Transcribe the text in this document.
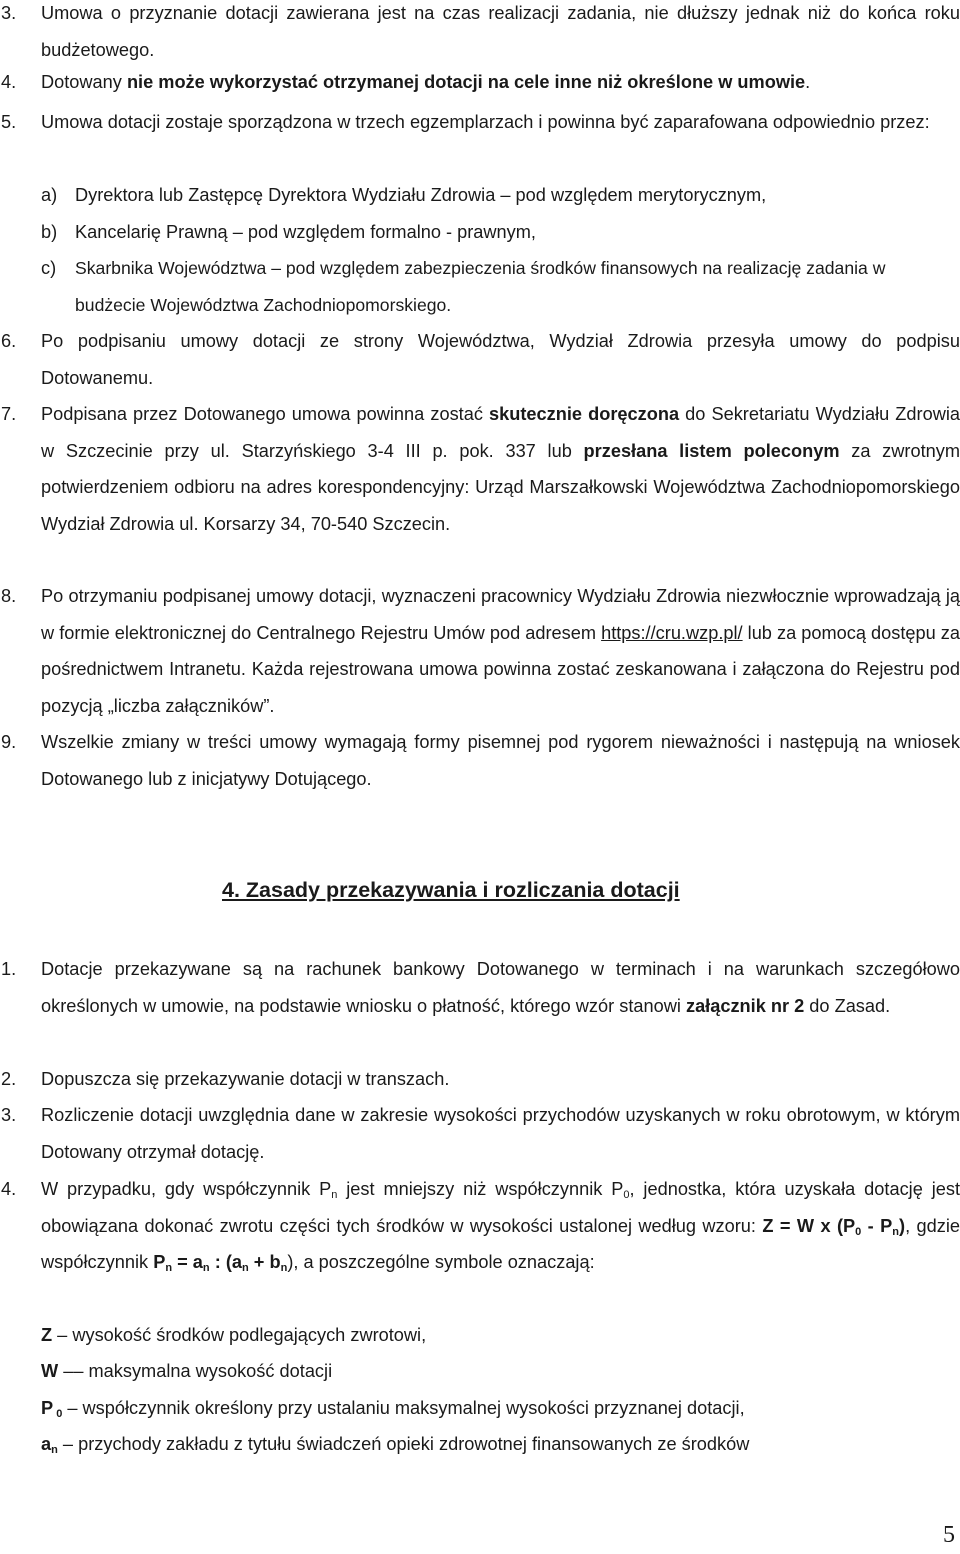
3. Umowa o przyznanie dotacji zawierana jest na czas realizacji zadania, nie dłuższy jednak niż do końca roku budżetowego.
4. Dotowany nie może wykorzystać otrzymanej dotacji na cele inne niż określone w umowie.
5. Umowa dotacji zostaje sporządzona w trzech egzemplarzach i powinna być zaparafowana odpowiednio przez:
a) Dyrektora lub Zastępcę Dyrektora Wydziału Zdrowia – pod względem merytorycznym,
b) Kancelarię Prawną – pod względem formalno - prawnym,
c) Skarbnika Województwa – pod względem zabezpieczenia środków finansowych na realizację zadania w budżecie Województwa Zachodniopomorskiego.
6. Po podpisaniu umowy dotacji ze strony Województwa, Wydział Zdrowia przesyła umowy do podpisu Dotowanemu.
7. Podpisana przez Dotowanego umowa powinna zostać skutecznie doręczona do Sekretariatu Wydziału Zdrowia w Szczecinie przy ul. Starzyńskiego 3-4 III p. pok. 337 lub przesłana listem poleconym za zwrotnym potwierdzeniem odbioru na adres korespondencyjny: Urząd Marszałkowski Województwa Zachodniopomorskiego Wydział Zdrowia ul. Korsarzy 34, 70-540 Szczecin.
8. Po otrzymaniu podpisanej umowy dotacji, wyznaczeni pracownicy Wydziału Zdrowia niezwłocznie wprowadzają ją w formie elektronicznej do Centralnego Rejestru Umów pod adresem https://cru.wzp.pl/ lub za pomocą dostępu za pośrednictwem Intranetu. Każda rejestrowana umowa powinna zostać zeskanowana i załączona do Rejestru pod pozycją „liczba załączników”.
9. Wszelkie zmiany w treści umowy wymagają formy pisemnej pod rygorem nieważności i następują na wniosek Dotowanego lub z inicjatywy Dotującego.
4. Zasady przekazywania i rozliczania dotacji
1. Dotacje przekazywane są na rachunek bankowy Dotowanego w terminach i na warunkach szczegółowo określonych w umowie, na podstawie wniosku o płatność, którego wzór stanowi załącznik nr 2 do Zasad.
2. Dopuszcza się przekazywanie dotacji w transzach.
3. Rozliczenie dotacji uwzględnia dane w zakresie wysokości przychodów uzyskanych w roku obrotowym, w którym Dotowany otrzymał dotację.
4. W przypadku, gdy współczynnik $P_n$ jest mniejszy niż współczynnik $P_0$, jednostka, która uzyskała dotację jest obowiązana dokonać zwrotu części tych środków w wysokości ustalonej według wzoru: Z = W x $(P_0 - P_n)$, gdzie współczynnik $P_n = a_n$ : $(a_n + b_n)$, a poszczególne symbole oznaczają:
Z – wysokość środków podlegających zwrotowi,
W –– maksymalna wysokość dotacji
P $_0$ – współczynnik określony przy ustalaniu maksymalnej wysokości przyznanej dotacji,
$a_n$ – przychody zakładu z tytułu świadczeń opieki zdrowotnej finansowanych ze środków
5
